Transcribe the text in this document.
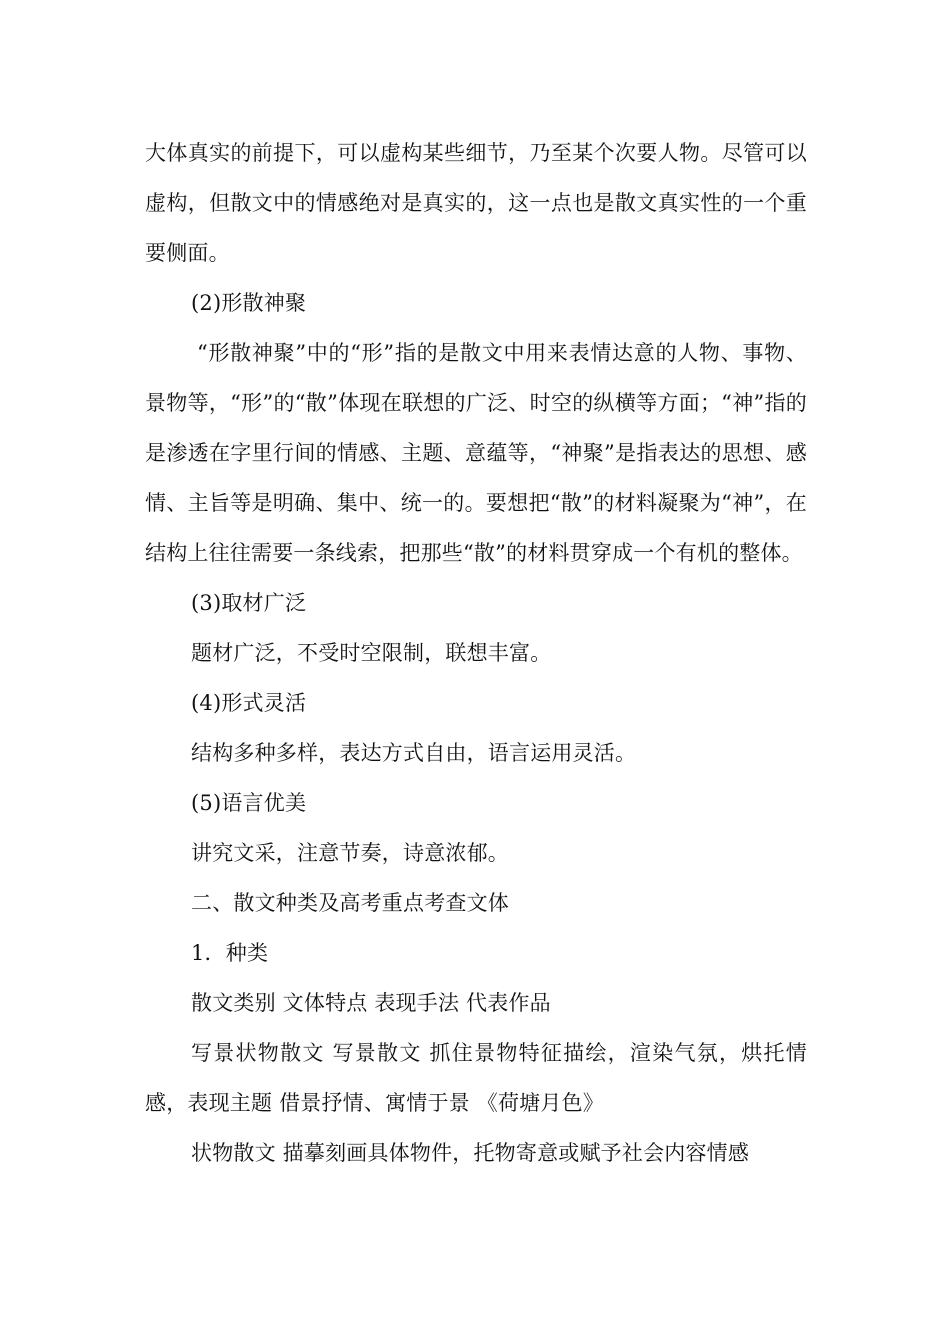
大体真实的前提下，可以虚构某些细节，乃至某个次要人物。尽管可以虚构，但散文中的情感绝对是真实的，这一点也是散文真实性的一个重要侧面。

(2)形散神聚

“形散神聚”中的“形”指的是散文中用来表情达意的人物、事物、景物等，“形”的“散”体现在联想的广泛、时空的纵横等方面；“神”指的是渗透在字里行间的情感、主题、意蕴等，“神聚”是指表达的思想、感情、主旨等是明确、集中、统一的。要想把“散”的材料凝聚为“神”，在结构上往往需要一条线索，把那些“散”的材料贯穿成一个有机的整体。

(3)取材广泛

题材广泛，不受时空限制，联想丰富。

(4)形式灵活

结构多种多样，表达方式自由，语言运用灵活。

(5)语言优美

讲究文采，注意节奏，诗意浓郁。

二、散文种类及高考重点考查文体

1．种类

散文类别 文体特点 表现手法 代表作品

写景状物散文 写景散文 抓住景物特征描绘，渲染气氛，烘托情感，表现主题 借景抒情、寓情于景 《荷塘月色》

状物散文 描摹刻画具体物件，托物寄意或赋予社会内容情感
